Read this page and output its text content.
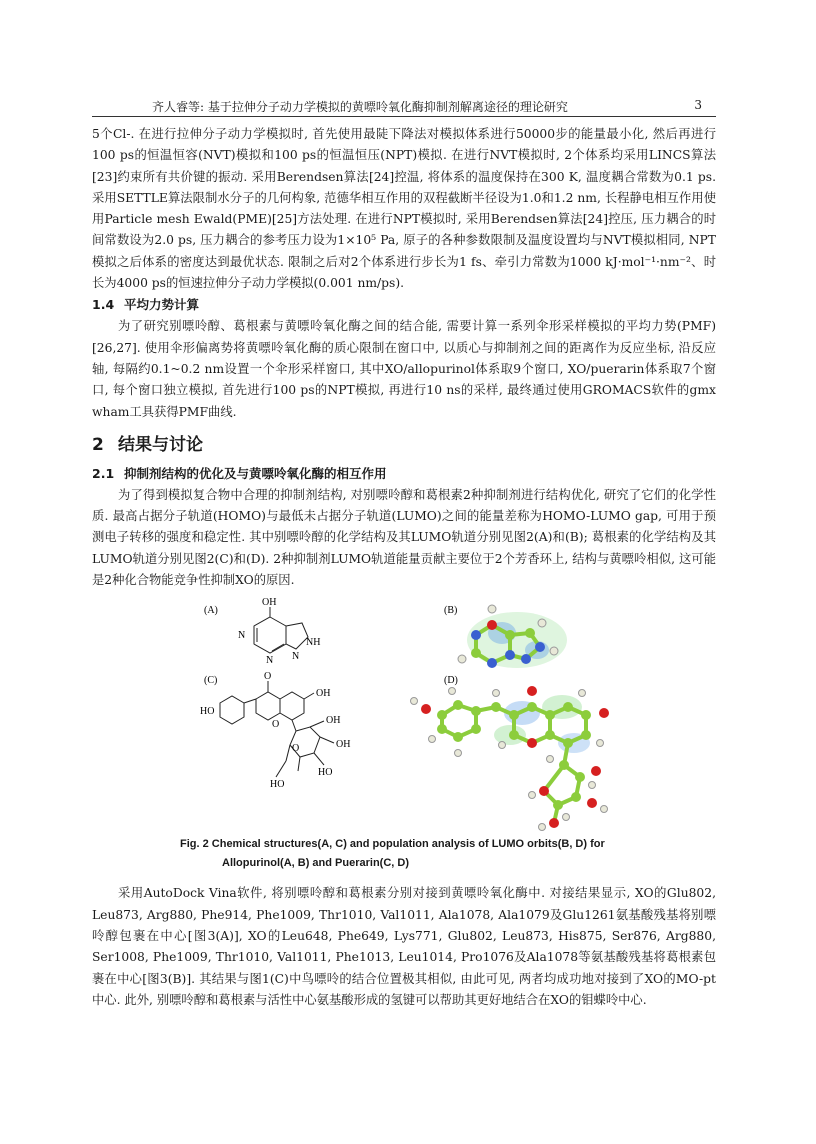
齐人睿等: 基于拉伸分子动力学模拟的黄嘌呤氧化酶抑制剂解离途径的理论研究	3

5个Cl-. 在进行拉伸分子动力学模拟时, 首先使用最陡下降法对模拟体系进行50000步的能量最小化, 然后再进行100 ps的恒温恒容(NVT)模拟和100 ps的恒温恒压(NPT)模拟. 在进行NVT模拟时, 2个体系均采用LINCS算法[23]约束所有共价键的振动. 采用Berendsen算法[24]控温, 将体系的温度保持在300 K, 温度耦合常数为0.1 ps. 采用SETTLE算法限制水分子的几何构象, 范德华相互作用的双程截断半径设为1.0和1.2 nm, 长程静电相互作用使用Particle mesh Ewald(PME)[25]方法处理. 在进行NPT模拟时, 采用Berendsen算法[24]控压, 压力耦合的时间常数设为2.0 ps, 压力耦合的参考压力设为1×10⁵ Pa, 原子的各种参数限制及温度设置均与NVT模拟相同, NPT模拟之后体系的密度达到最优状态. 限制之后对2个体系进行步长为1 fs、牵引力常数为1000 kJ·mol⁻¹·nm⁻²、时长为4000 ps的恒速拉伸分子动力学模拟(0.001 nm/ps).

1.4 平均力势计算

为了研究别嘌呤醇、葛根素与黄嘌呤氧化酶之间的结合能, 需要计算一系列伞形采样模拟的平均力势(PMF)[26,27]. 使用伞形偏离势将黄嘌呤氧化酶的质心限制在窗口中, 以质心与抑制剂之间的距离作为反应坐标, 沿反应轴, 每隔约0.1~0.2 nm设置一个伞形采样窗口, 其中XO/allopurinol体系取9个窗口, XO/puerarin体系取7个窗口, 每个窗口独立模拟, 首先进行100 ps的NPT模拟, 再进行10 ns的采样, 最终通过使用GROMACS软件的gmx wham工具获得PMF曲线.

2 结果与讨论
2.1 抑制剂结构的优化及与黄嘌呤氧化酶的相互作用

为了得到模拟复合物中合理的抑制剂结构, 对别嘌呤醇和葛根素2种抑制剂进行结构优化, 研究了它们的化学性质. 最高占据分子轨道(HOMO)与最低未占据分子轨道(LUMO)之间的能量差称为HOMO-LUMO gap, 可用于预测电子转移的强度和稳定性. 其中别嘌呤醇的化学结构及其LUMO轨道分别见图2(A)和(B); 葛根素的化学结构及其LUMO轨道分别见图2(C)和(D). 2种抑制剂LUMO轨道能量贡献主要位于2个芳香环上, 结构与黄嘌呤相似, 这可能是2种化合物能竞争性抑制XO的原因.

(A)	(B)
(C)	(D)
OH
N
N N
NH
HO
O
O
OH
OH
OH
HO
HO
O
Fig. 2 Chemical structures(A, C) and population analysis of LUMO orbits(B, D) for
Allopurinol(A, B) and Puerarin(C, D)

采用AutoDock Vina软件, 将别嘌呤醇和葛根素分别对接到黄嘌呤氧化酶中. 对接结果显示, XO的Glu802, Leu873, Arg880, Phe914, Phe1009, Thr1010, Val1011, Ala1078, Ala1079及Glu1261氨基酸残基将别嘌呤醇包裹在中心[图3(A)], XO的Leu648, Phe649, Lys771, Glu802, Leu873, His875, Ser876, Arg880, Ser1008, Phe1009, Thr1010, Val1011, Phe1013, Leu1014, Pro1076及Ala1078等氨基酸残基将葛根素包裹在中心[图3(B)]. 其结果与图1(C)中鸟嘌呤的结合位置极其相似, 由此可见, 两者均成功地对接到了XO的MO-pt中心. 此外, 别嘌呤醇和葛根素与活性中心氨基酸形成的氢键可以帮助其更好地结合在XO的钼蝶呤中心.
